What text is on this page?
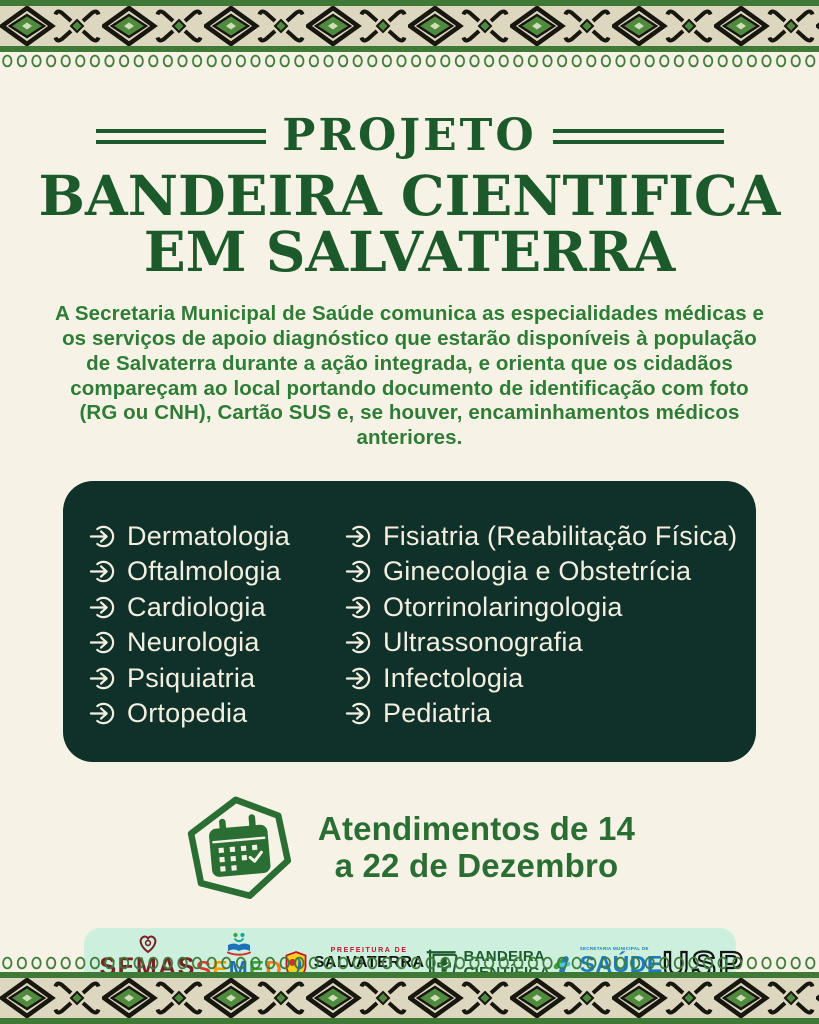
PROJETO
BANDEIRA CIENTIFICA
EM SALVATERRA

A Secretaria Municipal de Saúde comunica as especialidades médicas e os serviços de apoio diagnóstico que estarão disponíveis à população de Salvaterra durante a ação integrada, e orienta que os cidadãos compareçam ao local portando documento de identificação com foto (RG ou CNH), Cartão SUS e, se houver, encaminhamentos médicos anteriores.

Dermatologia
Oftalmologia
Cardiologia
Neurologia
Psiquiatria
Ortopedia
Fisiatria (Reabilitação Física)
Ginecologia e Obstetrícia
Otorrinolaringologia
Ultrassonografia
Infectologia
Pediatria
Atendimentos de 14
a 22 de Dezembro
PREFEITURA DE	SECRETARIA MUNICIPAL DE
